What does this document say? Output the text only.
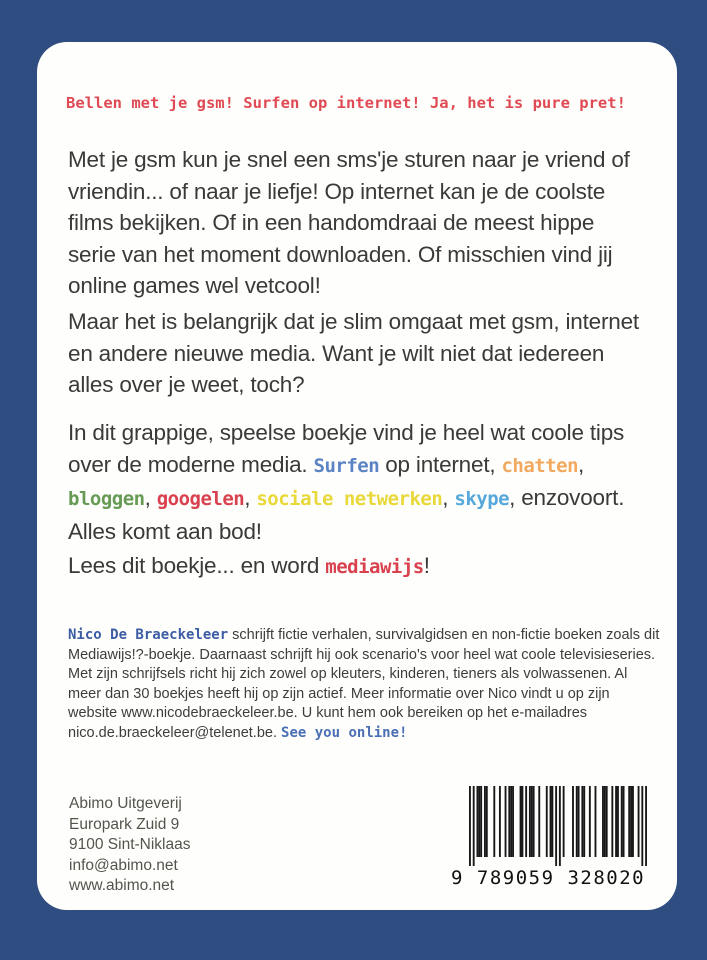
Bellen met je gsm! Surfen op internet! Ja, het is pure pret!

Met je gsm kun je snel een sms'je sturen naar je vriend of vriendin... of naar je liefje! Op internet kan je de coolste films bekijken. Of in een handomdraai de meest hippe serie van het moment downloaden. Of misschien vind jij online games wel vetcool!

Maar het is belangrijk dat je slim omgaat met gsm, internet en andere nieuwe media. Want je wilt niet dat iedereen alles over je weet, toch?

In dit grappige, speelse boekje vind je heel wat coole tips over de moderne media. Surfen op internet, chatten, bloggen, googelen, sociale netwerken, skype, enzovoort. Alles komt aan bod!

Lees dit boekje... en word mediawijs!

Nico De Braeckeleer schrijft fictie verhalen, survivalgidsen en non-fictie boeken zoals dit Mediawijs!?-boekje. Daarnaast schrijft hij ook scenario's voor heel wat coole televisieseries. Met zijn schrijfsels richt hij zich zowel op kleuters, kinderen, tieners als volwassenen. Al meer dan 30 boekjes heeft hij op zijn actief. Meer informatie over Nico vindt u op zijn website www.nicodebraeckeleer.be. U kunt hem ook bereiken op het e-mailadres nico.de.braeckeleer@telenet.be. See you online!

Abimo Uitgeverij
Europark Zuid 9
9100 Sint-Niklaas
info@abimo.net
www.abimo.net	9 789059 328020
